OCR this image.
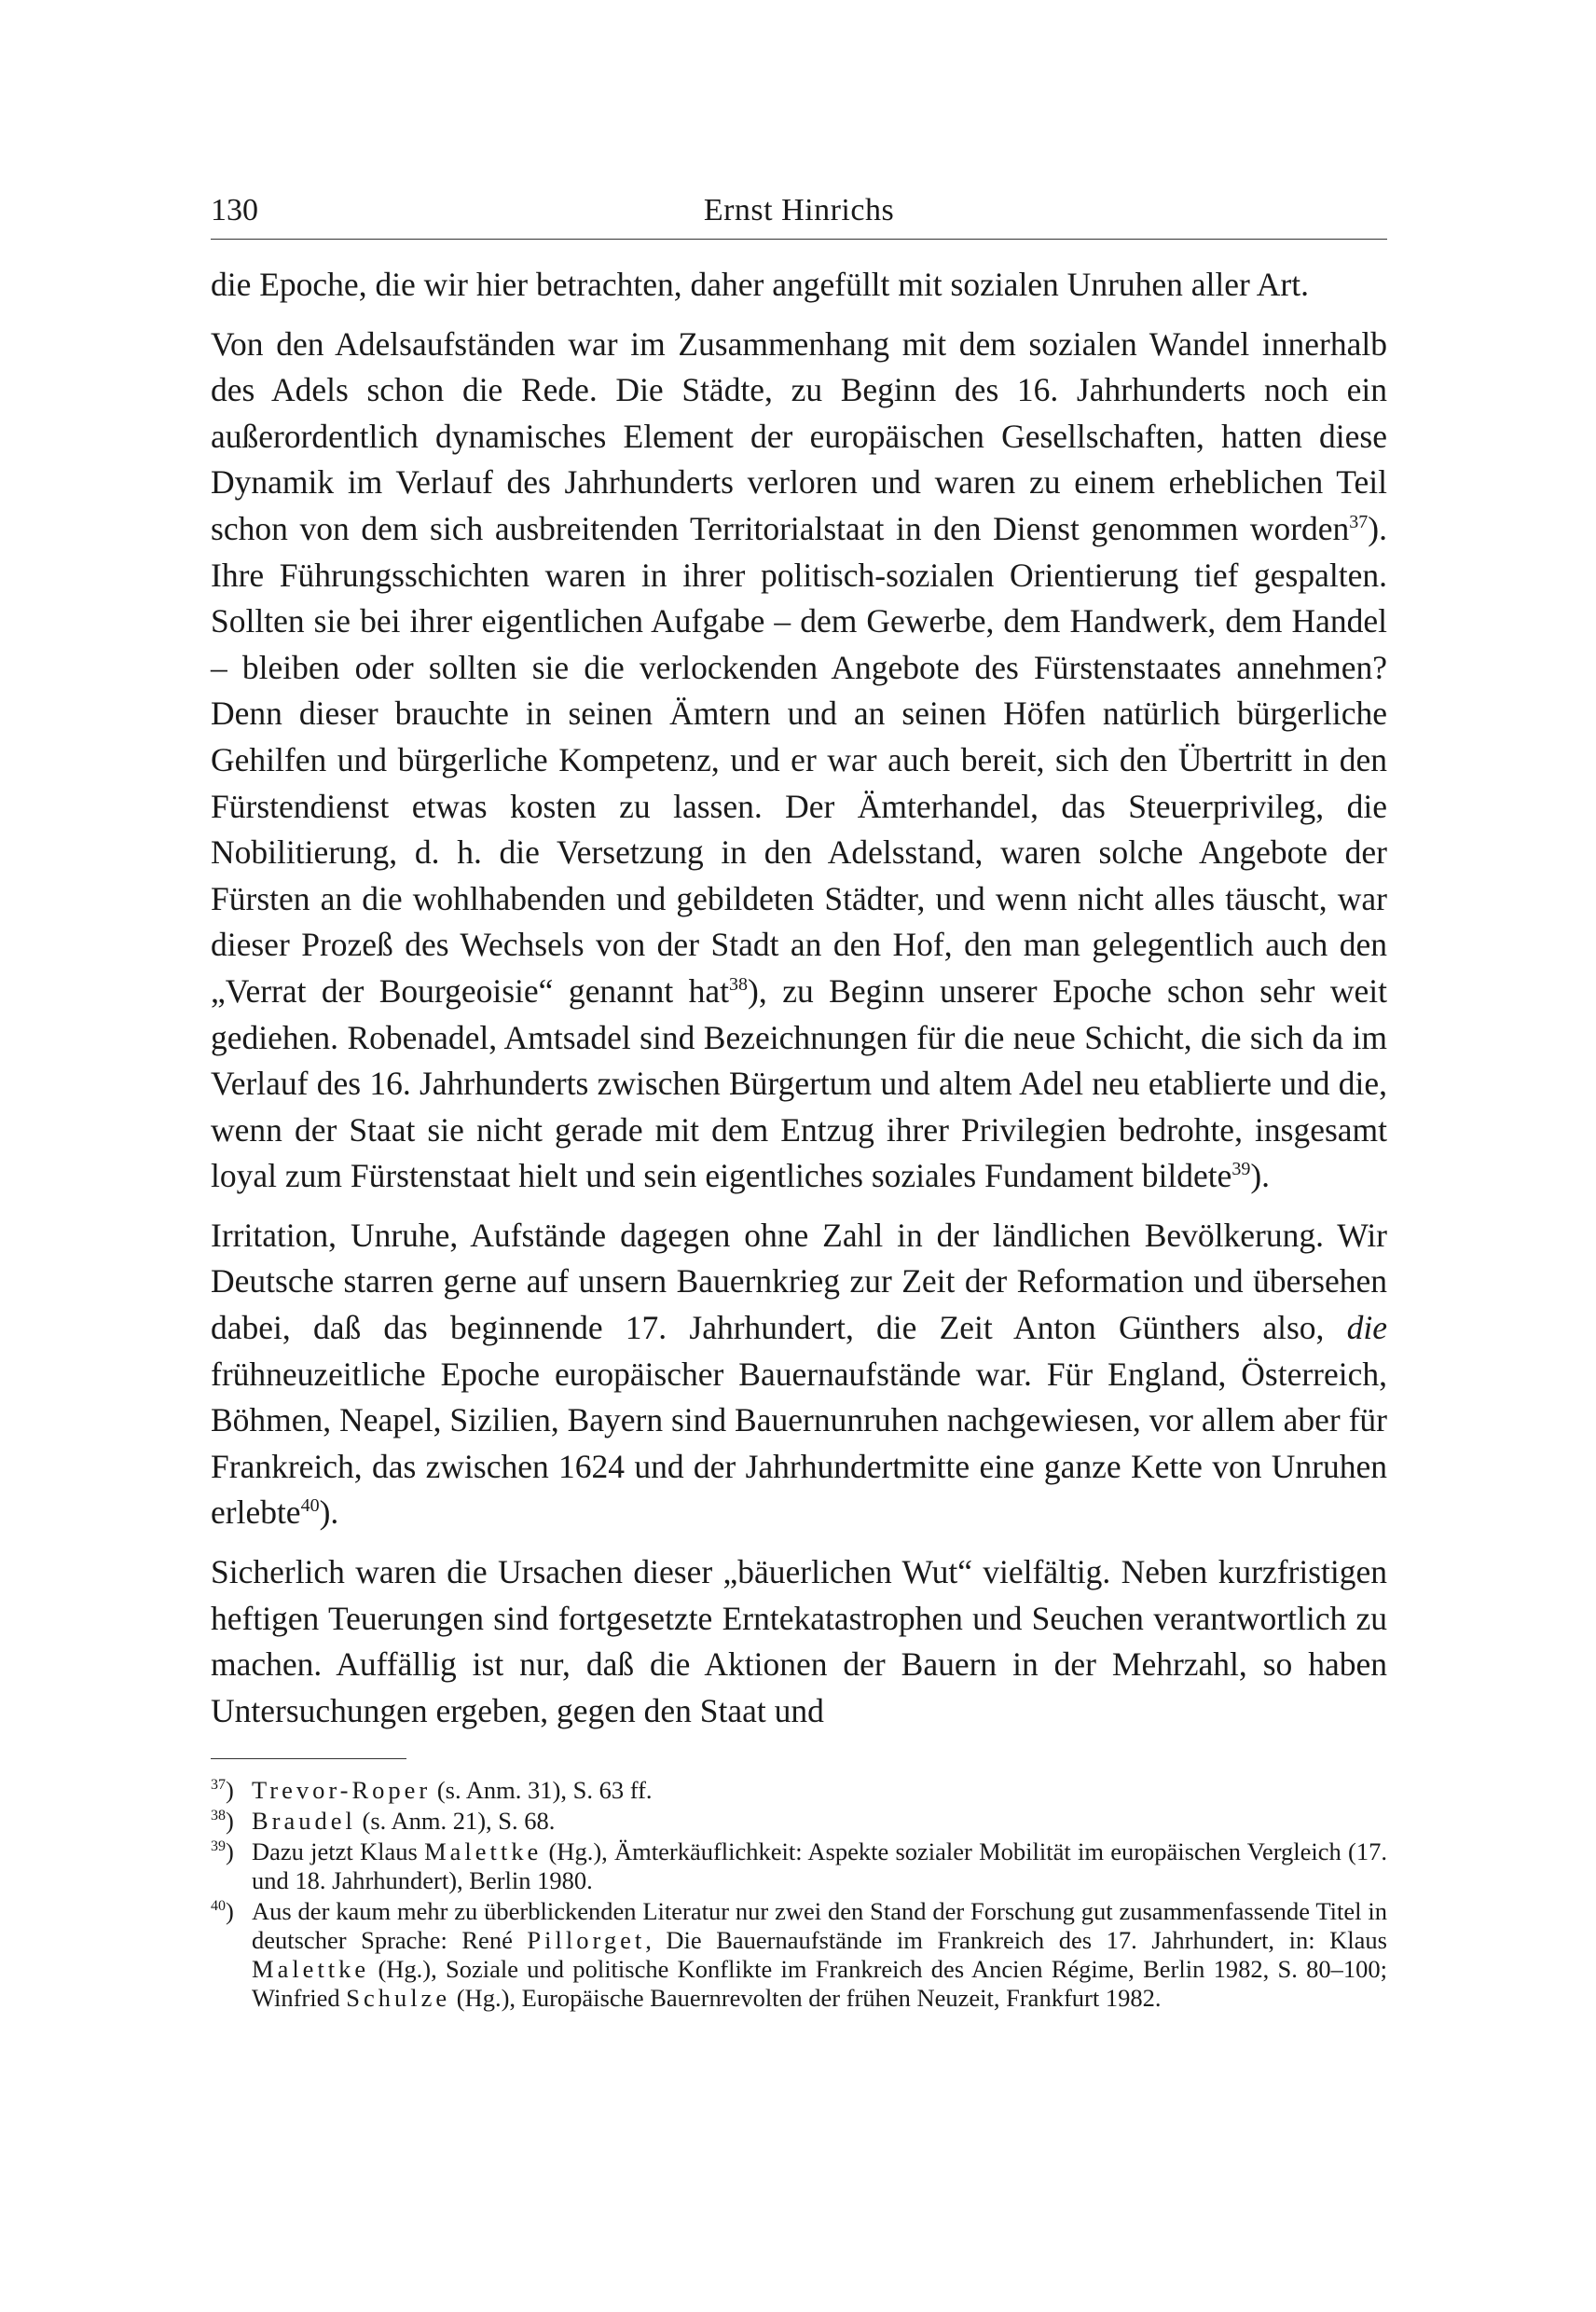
130	Ernst Hinrichs

die Epoche, die wir hier betrachten, daher angefüllt mit sozialen Unruhen aller Art.

Von den Adelsaufständen war im Zusammenhang mit dem sozialen Wandel innerhalb des Adels schon die Rede. Die Städte, zu Beginn des 16. Jahrhunderts noch ein außerordentlich dynamisches Element der europäischen Gesellschaften, hatten diese Dynamik im Verlauf des Jahrhunderts verloren und waren zu einem erheblichen Teil schon von dem sich ausbreitenden Territorialstaat in den Dienst genommen worden$^{37}$). Ihre Führungsschichten waren in ihrer politisch-sozialen Orientierung tief gespalten. Sollten sie bei ihrer eigentlichen Aufgabe – dem Gewerbe, dem Handwerk, dem Handel – bleiben oder sollten sie die verlockenden Angebote des Fürstenstaates annehmen? Denn dieser brauchte in seinen Ämtern und an seinen Höfen natürlich bürgerliche Gehilfen und bürgerliche Kompetenz, und er war auch bereit, sich den Übertritt in den Fürstendienst etwas kosten zu lassen. Der Ämterhandel, das Steuerprivileg, die Nobilitierung, d. h. die Versetzung in den Adelsstand, waren solche Angebote der Fürsten an die wohlhabenden und gebildeten Städter, und wenn nicht alles täuscht, war dieser Prozeß des Wechsels von der Stadt an den Hof, den man gelegentlich auch den „Verrat der Bourgeoisie“ genannt hat$^{38}$), zu Beginn unserer Epoche schon sehr weit gediehen. Robenadel, Amtsadel sind Bezeichnungen für die neue Schicht, die sich da im Verlauf des 16. Jahrhunderts zwischen Bürgertum und altem Adel neu etablierte und die, wenn der Staat sie nicht gerade mit dem Entzug ihrer Privilegien bedrohte, insgesamt loyal zum Fürstenstaat hielt und sein eigentliches soziales Fundament bildete$^{39}$).

Irritation, Unruhe, Aufstände dagegen ohne Zahl in der ländlichen Bevölkerung. Wir Deutsche starren gerne auf unsern Bauernkrieg zur Zeit der Reformation und übersehen dabei, daß das beginnende 17. Jahrhundert, die Zeit Anton Günthers also, die frühneuzeitliche Epoche europäischer Bauernaufstände war. Für England, Österreich, Böhmen, Neapel, Sizilien, Bayern sind Bauernunruhen nachgewiesen, vor allem aber für Frankreich, das zwischen 1624 und der Jahrhundertmitte eine ganze Kette von Unruhen erlebte$^{40}$).

Sicherlich waren die Ursachen dieser „bäuerlichen Wut“ vielfältig. Neben kurzfristigen heftigen Teuerungen sind fortgesetzte Erntekatastrophen und Seuchen verantwortlich zu machen. Auffällig ist nur, daß die Aktionen der Bauern in der Mehrzahl, so haben Untersuchungen ergeben, gegen den Staat und

$^{37}$) Trevor-Roper (s. Anm. 31), S. 63 ff.
$^{38}$) Braudel (s. Anm. 21), S. 68.
$^{39}$) Dazu jetzt Klaus Malettke (Hg.), Ämterkäuflichkeit: Aspekte sozialer Mobilität im europäischen Vergleich (17. und 18. Jahrhundert), Berlin 1980.
$^{40}$) Aus der kaum mehr zu überblickenden Literatur nur zwei den Stand der Forschung gut zusammenfassende Titel in deutscher Sprache: René Pillorget, Die Bauernaufstände im Frankreich des 17. Jahrhundert, in: Klaus Malettke (Hg.), Soziale und politische Konflikte im Frankreich des Ancien Régime, Berlin 1982, S. 80–100; Winfried Schulze (Hg.), Europäische Bauernrevolten der frühen Neuzeit, Frankfurt 1982.
